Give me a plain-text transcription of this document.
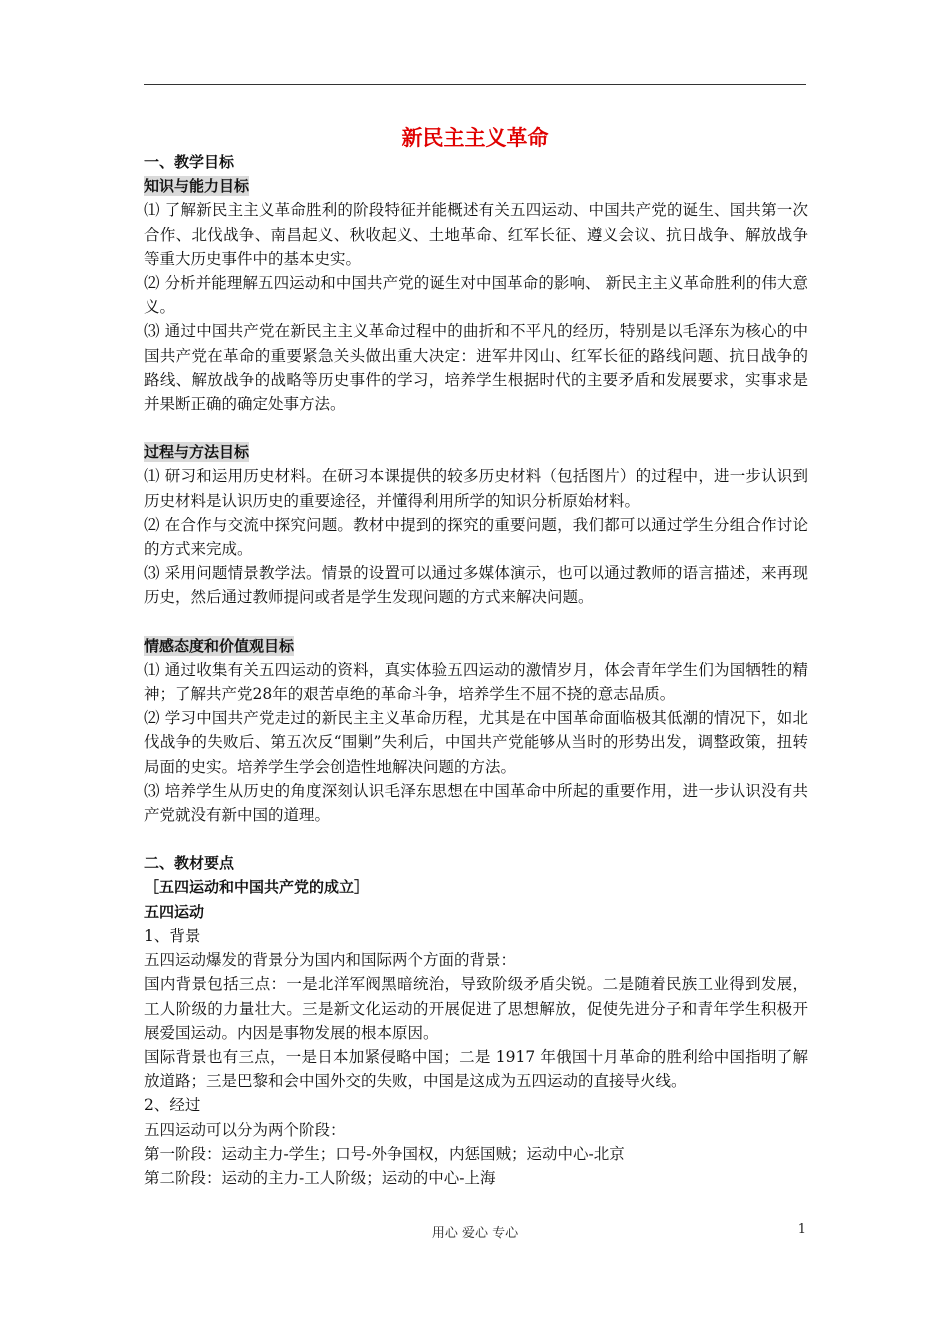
新民主主义革命

一、教学目标

知识与能力目标

⑴ 了解新民主主义革命胜利的阶段特征并能概述有关五四运动、中国共产党的诞生、国共第一次合作、北伐战争、南昌起义、秋收起义、土地革命、红军长征、遵义会议、抗日战争、解放战争等重大历史事件中的基本史实。

⑵ 分析并能理解五四运动和中国共产党的诞生对中国革命的影响、 新民主主义革命胜利的伟大意义。

⑶ 通过中国共产党在新民主主义革命过程中的曲折和不平凡的经历，特别是以毛泽东为核心的中国共产党在革命的重要紧急关头做出重大决定：进军井冈山、红军长征的路线问题、抗日战争的路线、解放战争的战略等历史事件的学习，培养学生根据时代的主要矛盾和发展要求，实事求是并果断正确的确定处事方法。

过程与方法目标

⑴ 研习和运用历史材料。在研习本课提供的较多历史材料（包括图片）的过程中，进一步认识到历史材料是认识历史的重要途径，并懂得利用所学的知识分析原始材料。

⑵ 在合作与交流中探究问题。教材中提到的探究的重要问题，我们都可以通过学生分组合作讨论的方式来完成。

⑶ 采用问题情景教学法。情景的设置可以通过多媒体演示，也可以通过教师的语言描述，来再现历史，然后通过教师提问或者是学生发现问题的方式来解决问题。

情感态度和价值观目标

⑴ 通过收集有关五四运动的资料，真实体验五四运动的激情岁月，体会青年学生们为国牺牲的精神；了解共产党28年的艰苦卓绝的革命斗争，培养学生不屈不挠的意志品质。

⑵ 学习中国共产党走过的新民主主义革命历程，尤其是在中国革命面临极其低潮的情况下，如北伐战争的失败后、第五次反“围剿”失利后，中国共产党能够从当时的形势出发，调整政策，扭转局面的史实。培养学生学会创造性地解决问题的方法。

⑶ 培养学生从历史的角度深刻认识毛泽东思想在中国革命中所起的重要作用，进一步认识没有共产党就没有新中国的道理。

二、教材要点

［五四运动和中国共产党的成立］

五四运动

1、背景

五四运动爆发的背景分为国内和国际两个方面的背景：

国内背景包括三点：一是北洋军阀黑暗统治，导致阶级矛盾尖锐。二是随着民族工业得到发展，工人阶级的力量壮大。三是新文化运动的开展促进了思想解放，促使先进分子和青年学生积极开展爱国运动。内因是事物发展的根本原因。

国际背景也有三点，一是日本加紧侵略中国；二是 1917 年俄国十月革命的胜利给中国指明了解放道路；三是巴黎和会中国外交的失败，中国是这成为五四运动的直接导火线。

2、经过

五四运动可以分为两个阶段：

第一阶段：运动主力-学生；口号-外争国权，内惩国贼；运动中心-北京

第二阶段：运动的主力-工人阶级；运动的中心-上海

用心 爱心 专心	1
